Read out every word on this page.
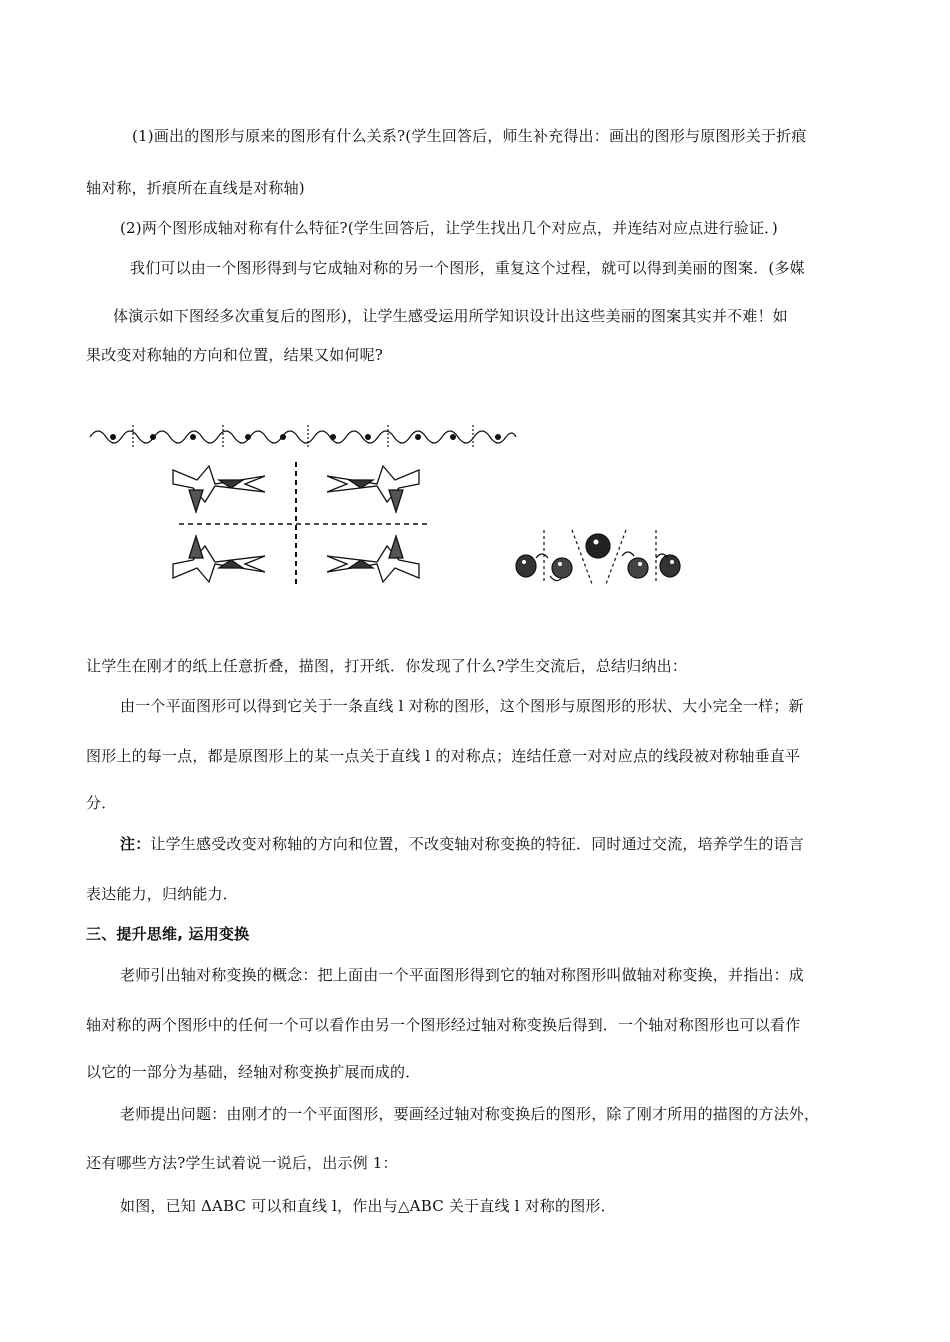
(1)画出的图形与原来的图形有什么关系?(学生回答后，师生补充得出：画出的图形与原图形关于折痕
轴对称，折痕所在直线是对称轴)
(2)两个图形成轴对称有什么特征?(学生回答后，让学生找出几个对应点，并连结对应点进行验证．)
我们可以由一个图形得到与它成轴对称的另一个图形，重复这个过程，就可以得到美丽的图案．(多媒
体演示如下图经多次重复后的图形)，让学生感受运用所学知识设计出这些美丽的图案其实并不难！如
果改变对称轴的方向和位置，结果又如何呢?
让学生在刚才的纸上任意折叠，描图，打开纸．你发现了什么?学生交流后，总结归纳出：
由一个平面图形可以得到它关于一条直线 l 对称的图形，这个图形与原图形的形状、大小完全一样；新
图形上的每一点，都是原图形上的某一点关于直线 l 的对称点；连结任意一对对应点的线段被对称轴垂直平
分．
注：让学生感受改变对称轴的方向和位置，不改变轴对称变换的特征．同时通过交流，培养学生的语言
表达能力，归纳能力．
三、提升思维, 运用变换
老师引出轴对称变换的概念：把上面由一个平面图形得到它的轴对称图形叫做轴对称变换，并指出：成
轴对称的两个图形中的任何一个可以看作由另一个图形经过轴对称变换后得到．一个轴对称图形也可以看作
以它的一部分为基础，经轴对称变换扩展而成的．
老师提出问题：由刚才的一个平面图形，要画经过轴对称变换后的图形，除了刚才所用的描图的方法外，
还有哪些方法?学生试着说一说后，出示例 1：
如图，已知 ΔABC 可以和直线 l，作出与△ABC 关于直线 l 对称的图形．
